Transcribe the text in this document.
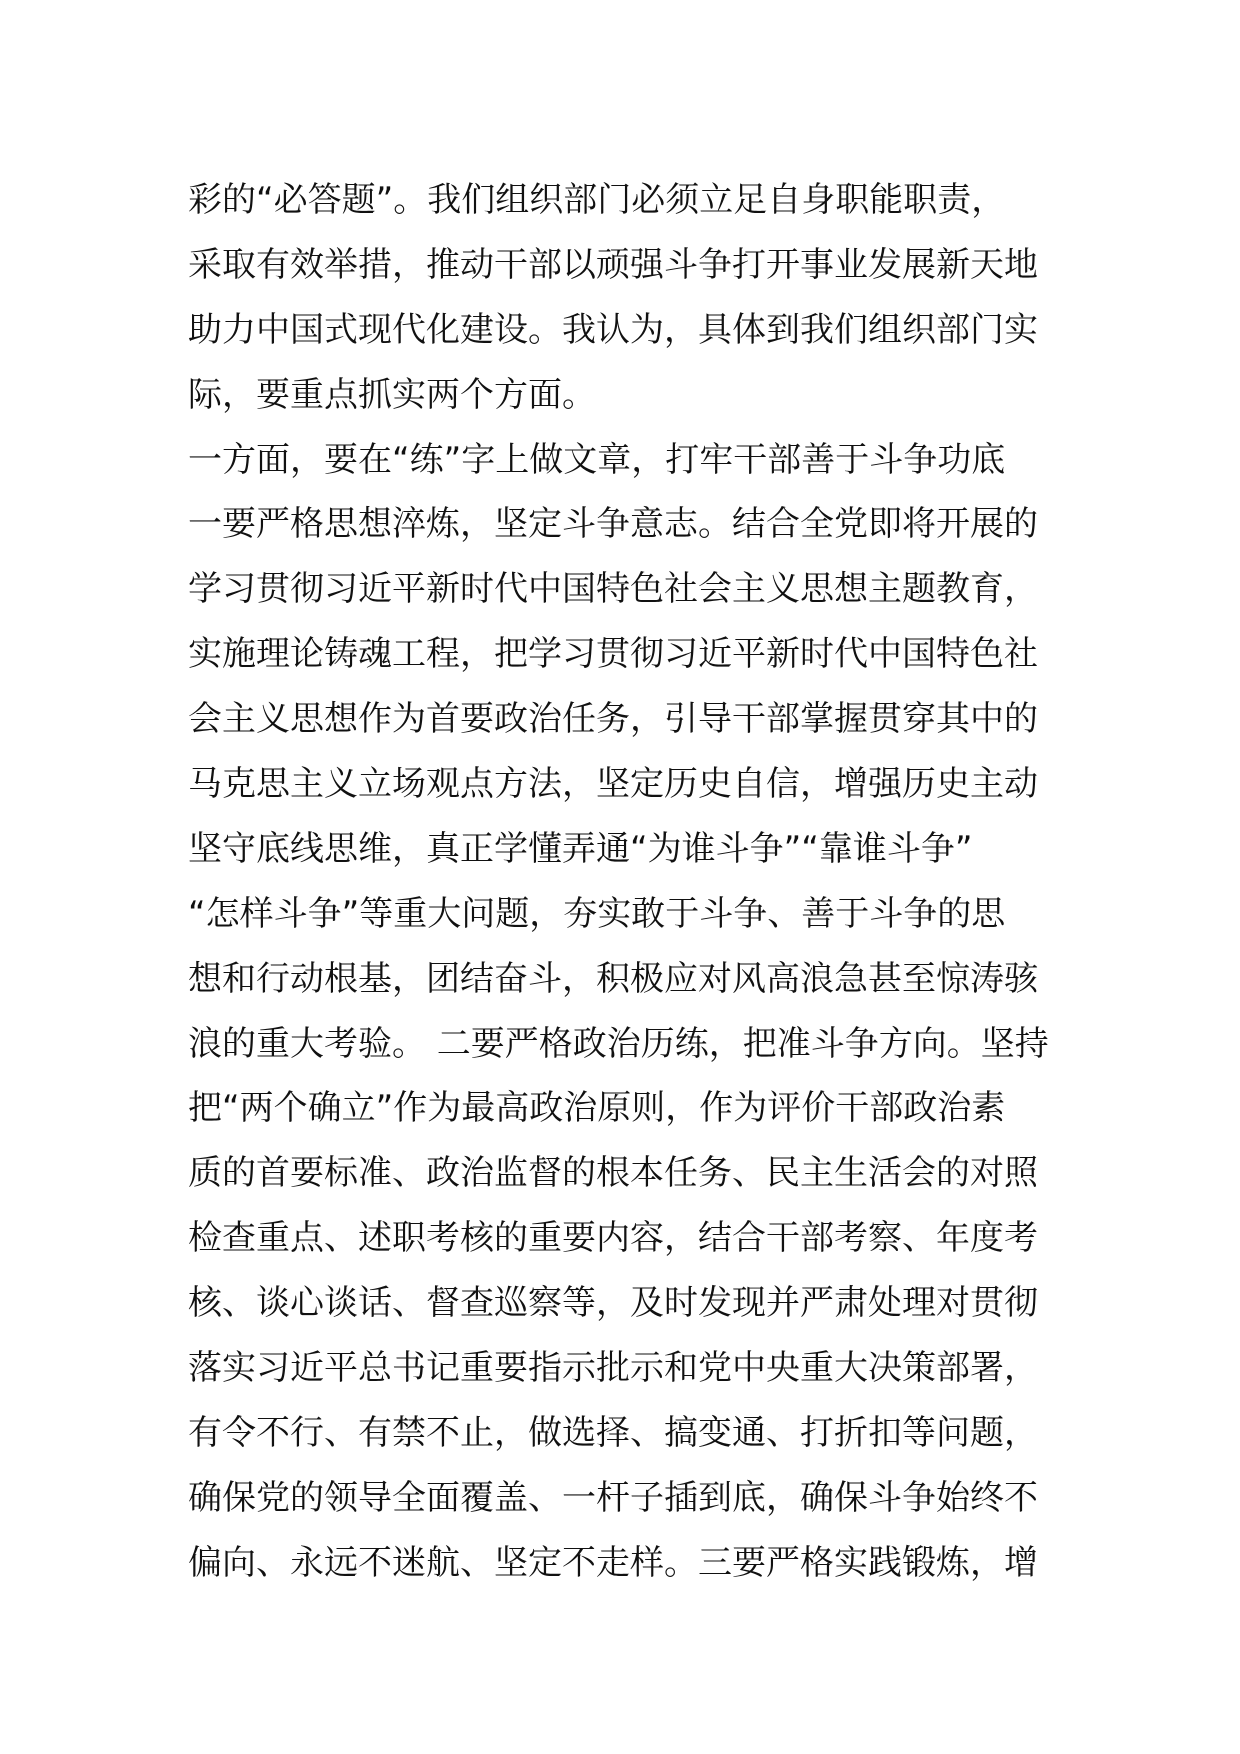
彩的“必答题”。我们组织部门必须立足自身职能职责，
采取有效举措，推动干部以顽强斗争打开事业发展新天地
助力中国式现代化建设。我认为，具体到我们组织部门实
际，要重点抓实两个方面。
一方面，要在“练”字上做文章，打牢干部善于斗争功底
一要严格思想淬炼，坚定斗争意志。结合全党即将开展的
学习贯彻习近平新时代中国特色社会主义思想主题教育，
实施理论铸魂工程，把学习贯彻习近平新时代中国特色社
会主义思想作为首要政治任务，引导干部掌握贯穿其中的
马克思主义立场观点方法，坚定历史自信，增强历史主动
坚守底线思维，真正学懂弄通“为谁斗争”“靠谁斗争”
“怎样斗争”等重大问题，夯实敢于斗争、善于斗争的思
想和行动根基，团结奋斗，积极应对风高浪急甚至惊涛骇
浪的重大考验。 二要严格政治历练，把准斗争方向。坚持
把“两个确立”作为最高政治原则，作为评价干部政治素
质的首要标准、政治监督的根本任务、民主生活会的对照
检查重点、述职考核的重要内容，结合干部考察、年度考
核、谈心谈话、督查巡察等，及时发现并严肃处理对贯彻
落实习近平总书记重要指示批示和党中央重大决策部署，
有令不行、有禁不止，做选择、搞变通、打折扣等问题，
确保党的领导全面覆盖、一杆子插到底，确保斗争始终不
偏向、永远不迷航、坚定不走样。三要严格实践锻炼，增
